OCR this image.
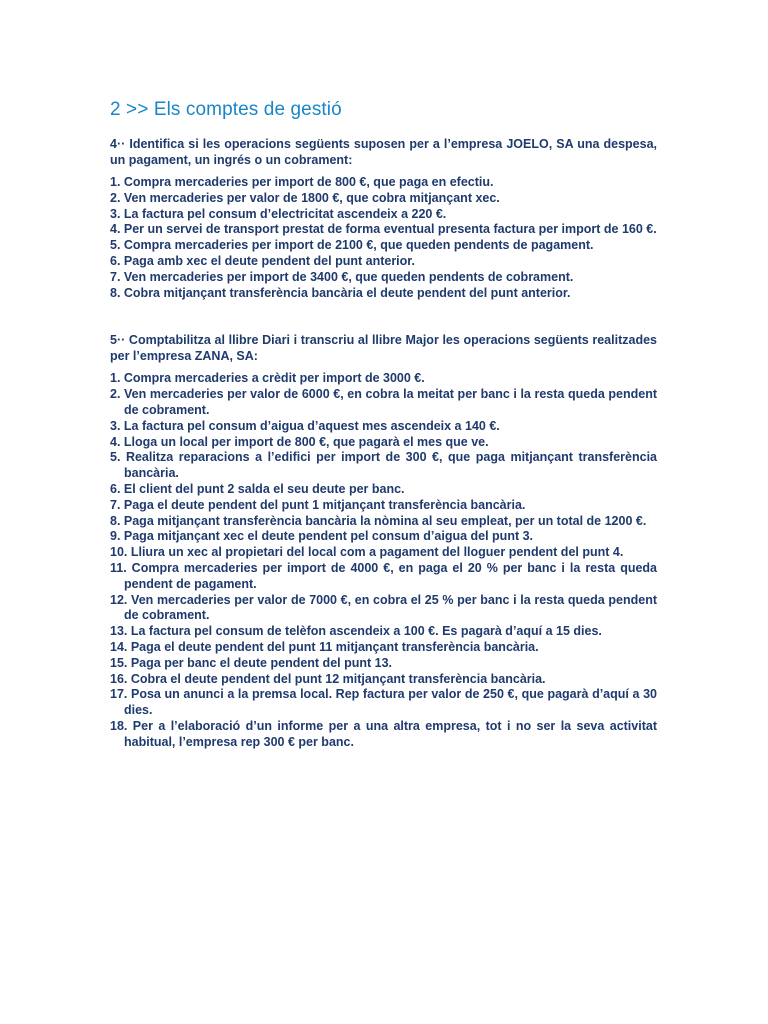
2 >> Els comptes de gestió

4·· Identifica si les operacions següents suposen per a l’empresa JOELO, SA una despesa, un pagament, un ingrés o un cobrament:

1. Compra mercaderies per import de 800 €, que paga en efectiu.
2. Ven mercaderies per valor de 1800 €, que cobra mitjançant xec.
3. La factura pel consum d’electricitat ascendeix a 220 €.
4. Per un servei de transport prestat de forma eventual presenta factura per import de 160 €.
5. Compra mercaderies per import de 2100 €, que queden pendents de pagament.
6. Paga amb xec el deute pendent del punt anterior.
7. Ven mercaderies per import de 3400 €, que queden pendents de cobrament.
8. Cobra mitjançant transferència bancària el deute pendent del punt anterior.

5·· Comptabilitza al llibre Diari i transcriu al llibre Major les operacions següents realitzades per l’empresa ZANA, SA:

1. Compra mercaderies a crèdit per import de 3000 €.
2. Ven mercaderies per valor de 6000 €, en cobra la meitat per banc i la resta queda pendent de cobrament.
3. La factura pel consum d’aigua d’aquest mes ascendeix a 140 €.
4. Lloga un local per import de 800 €, que pagarà el mes que ve.
5. Realitza reparacions a l’edifici per import de 300 €, que paga mitjançant transferència bancària.
6. El client del punt 2 salda el seu deute per banc.
7. Paga el deute pendent del punt 1 mitjançant transferència bancària.
8. Paga mitjançant transferència bancària la nòmina al seu empleat, per un total de 1200 €.
9. Paga mitjançant xec el deute pendent pel consum d’aigua del punt 3.
10. Lliura un xec al propietari del local com a pagament del lloguer pendent del punt 4.
11. Compra mercaderies per import de 4000 €, en paga el 20 % per banc i la resta queda pendent de pagament.
12. Ven mercaderies per valor de 7000 €, en cobra el 25 % per banc i la resta queda pendent de cobrament.
13. La factura pel consum de telèfon ascendeix a 100 €. Es pagarà d’aquí a 15 dies.
14. Paga el deute pendent del punt 11 mitjançant transferència bancària.
15. Paga per banc el deute pendent del punt 13.
16. Cobra el deute pendent del punt 12 mitjançant transferència bancària.
17. Posa un anunci a la premsa local. Rep factura per valor de 250 €, que pagarà d’aquí a 30 dies.
18. Per a l’elaboració d’un informe per a una altra empresa, tot i no ser la seva activitat habitual, l’empresa rep 300 € per banc.
